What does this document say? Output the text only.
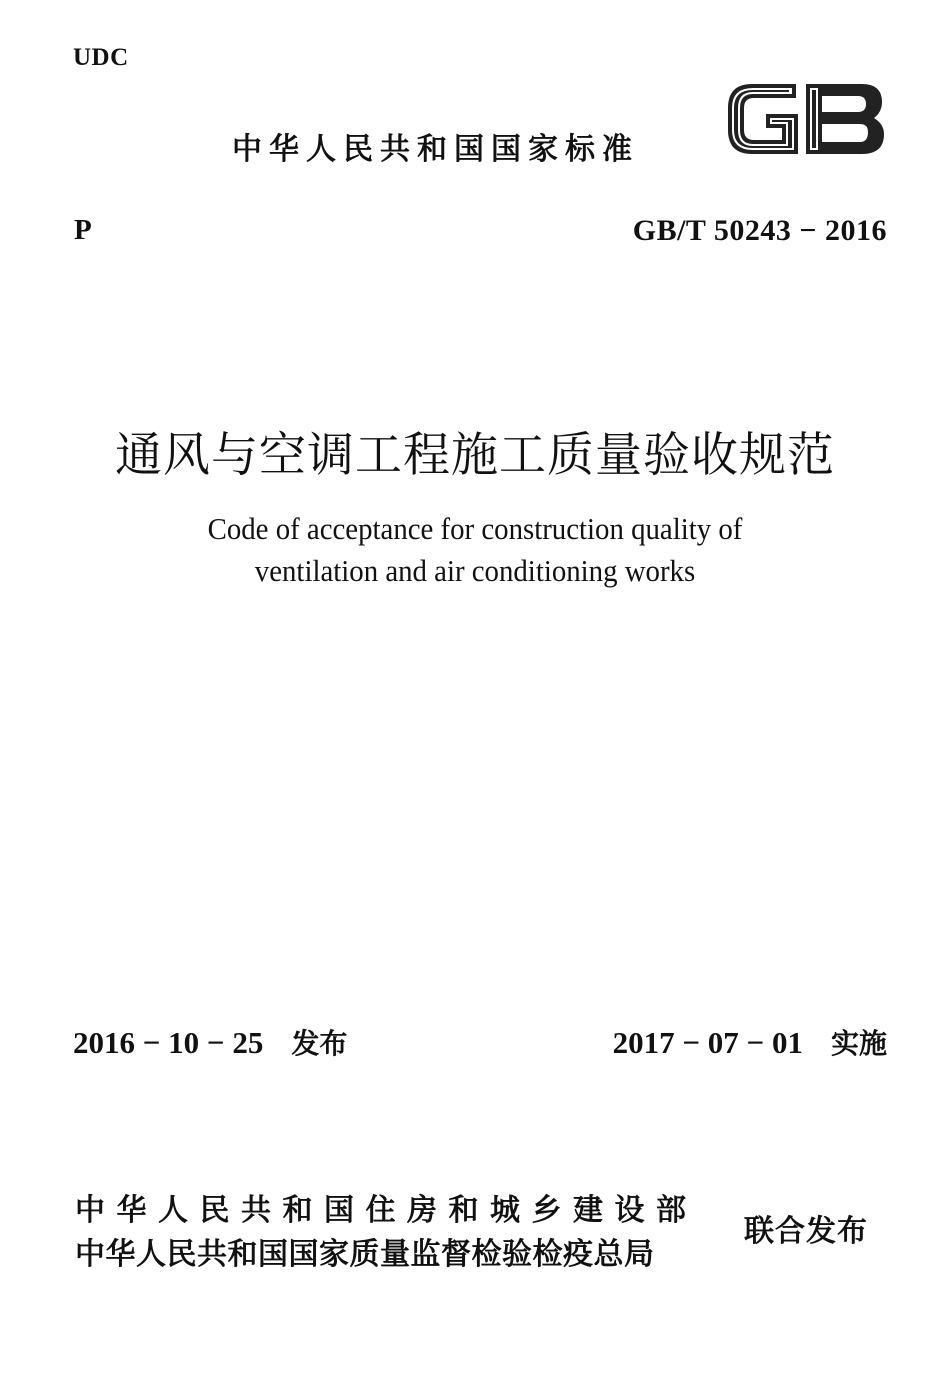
UDC
中华人民共和国国家标准
P	GB/T 50243 − 2016
通风与空调工程施工质量验收规范
Code of acceptance for construction quality of
ventilation and air conditioning works
2016 − 10 − 25 发布	2017 − 07 − 01 实施
中华人民共和国住房和城乡建设部
中华人民共和国国家质量监督检验检疫总局
联合发布
